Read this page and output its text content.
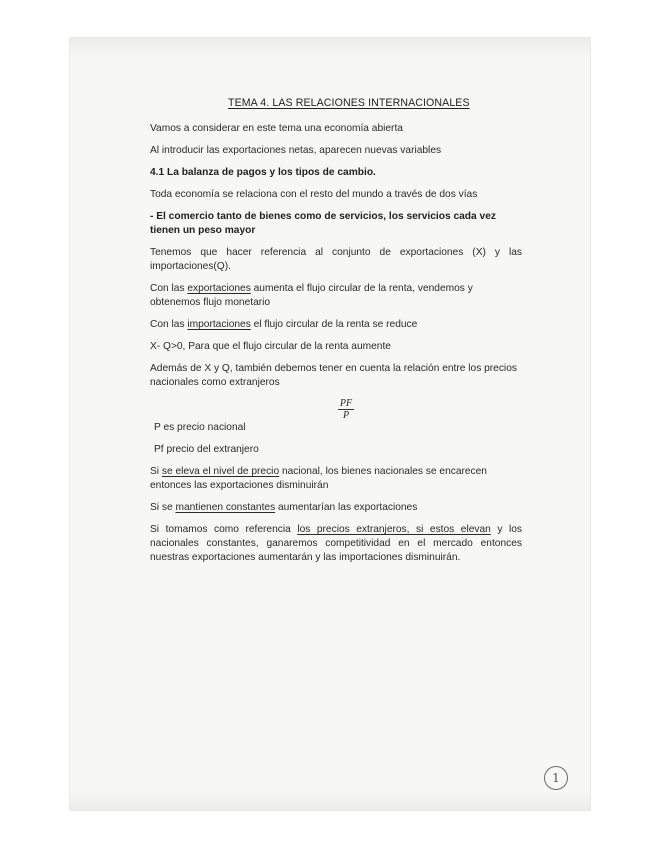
TEMA 4. LAS RELACIONES INTERNACIONALES

Vamos a considerar en este tema una economía abierta

Al introducir las exportaciones netas, aparecen nuevas variables

4.1 La balanza de pagos y los tipos de cambio.

Toda economía se relaciona con el resto del mundo a través de dos vías

- El comercio tanto de bienes como de servicios, los servicios cada vez tienen un peso mayor

Tenemos que hacer referencia al conjunto de exportaciones (X) y las importaciones(Q).

Con las exportaciones aumenta el flujo circular de la renta, vendemos y obtenemos flujo monetario

Con las importaciones el flujo circular de la renta se reduce

X- Q>0, Para que el flujo circular de la renta aumente

Además de X y Q, también debemos tener en cuenta la relación entre los precios nacionales como extranjeros

PF
P

P es precio nacional

Pf precio del extranjero

Si se eleva el nivel de precio nacional, los bienes nacionales se encarecen entonces las exportaciones disminuirán

Si se mantienen constantes aumentarían las exportaciones

Si tomamos como referencia los precios extranjeros, si estos elevan y los nacionales constantes, ganaremos competitividad en el mercado entonces nuestras exportaciones aumentarán y las importaciones disminuirán.

1
